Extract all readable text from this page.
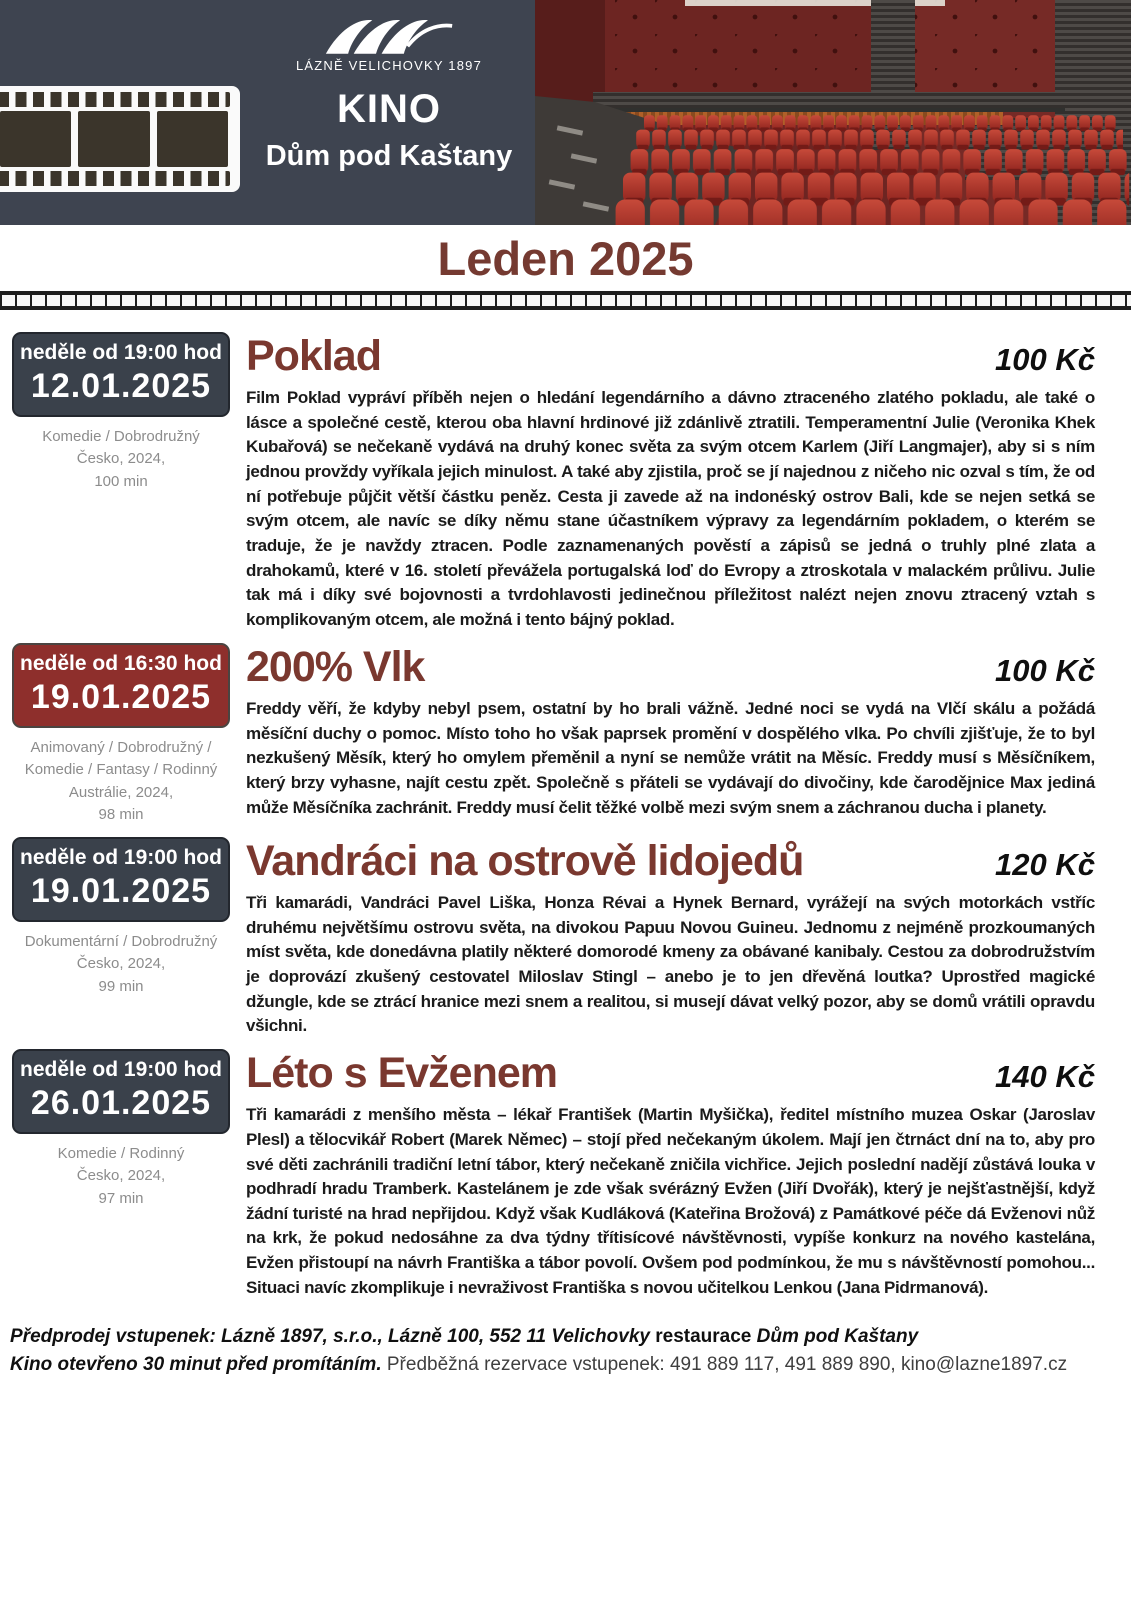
LÁZNĚ VELICHOVKY 1897
KINO
Dům pod Kaštany
Leden 2025
neděle od 19:00 hod
12.01.2025
Komedie / Dobrodružný
Česko, 2024,
100 min
Poklad	100 Kč
Film Poklad vypráví příběh nejen o hledání legendárního a dávno ztraceného zlatého pokladu, ale také o lásce a společné cestě, kterou oba hlavní hrdinové již zdánlivě ztratili. Temperamentní Julie (Veronika Khek Kubařová) se nečekaně vydává na druhý konec světa za svým otcem Karlem (Jiří Langmajer), aby si s ním jednou provždy vyříkala jejich minulost. A také aby zjistila, proč se jí najednou z ničeho nic ozval s tím, že od ní potřebuje půjčit větší částku peněz. Cesta ji zavede až na indonéský ostrov Bali, kde se nejen setká se svým otcem, ale navíc se díky němu stane účastníkem výpravy za legendárním pokladem, o kterém se traduje, že je navždy ztracen. Podle zaznamenaných pověstí a zápisů se jedná o truhly plné zlata a drahokamů, které v 16. století převážela portugalská loď do Evropy a ztroskotala v malackém průlivu. Julie tak má i díky své bojovnosti a tvrdohlavosti jedinečnou příležitost nalézt nejen znovu ztracený vztah s komplikovaným otcem, ale možná i tento bájný poklad.
neděle od 16:30 hod
19.01.2025
Animovaný / Dobrodružný / Komedie / Fantasy / Rodinný
Austrálie, 2024,
98 min
200% Vlk	100 Kč
Freddy věří, že kdyby nebyl psem, ostatní by ho brali vážně. Jedné noci se vydá na Vlčí skálu a požádá měsíční duchy o pomoc. Místo toho ho však paprsek promění v dospělého vlka. Po chvíli zjišťuje, že to byl nezkušený Měsík, který ho omylem přeměnil a nyní se nemůže vrátit na Měsíc. Freddy musí s Měsíčníkem, který brzy vyhasne, najít cestu zpět. Společně s přáteli se vydávají do divočiny, kde čarodějnice Max jediná může Měsíčníka zachránit. Freddy musí čelit těžké volbě mezi svým snem a záchranou ducha i planety.
neděle od 19:00 hod
19.01.2025
Dokumentární / Dobrodružný
Česko, 2024,
99 min
Vandráci na ostrově lidojedů	120 Kč
Tři kamarádi, Vandráci Pavel Liška, Honza Révai a Hynek Bernard, vyrážejí na svých motorkách vstříc druhému největšímu ostrovu světa, na divokou Papuu Novou Guineu. Jednomu z nejméně prozkoumaných míst světa, kde donedávna platily některé domorodé kmeny za obávané kanibaly. Cestou za dobrodružstvím je doprovází zkušený cestovatel Miloslav Stingl – anebo je to jen dřevěná loutka? Uprostřed magické džungle, kde se ztrácí hranice mezi snem a realitou, si musejí dávat velký pozor, aby se domů vrátili opravdu všichni.
neděle od 19:00 hod
26.01.2025
Komedie / Rodinný
Česko, 2024,
97 min
Léto s Evženem	140 Kč
Tři kamarádi z menšího města – lékař František (Martin Myšička), ředitel místního muzea Oskar (Jaroslav Plesl) a tělocvikář Robert (Marek Němec) – stojí před nečekaným úkolem. Mají jen čtrnáct dní na to, aby pro své děti zachránili tradiční letní tábor, který nečekaně zničila vichřice. Jejich poslední nadějí zůstává louka v podhradí hradu Tramberk. Kastelánem je zde však svérázný Evžen (Jiří Dvořák), který je nejšťastnější, když žádní turisté na hrad nepřijdou. Když však Kudláková (Kateřina Brožová) z Památkové péče dá Evženovi nůž na krk, že pokud nedosáhne za dva týdny třítisícové návštěvnosti, vypíše konkurz na nového kastelána, Evžen přistoupí na návrh Františka a tábor povolí. Ovšem pod podmínkou, že mu s návštěvností pomohou... Situaci navíc zkomplikuje i nevraživost Františka s novou učitelkou Lenkou (Jana Pidrmanová).
Předprodej vstupenek: Lázně 1897, s.r.o., Lázně 100, 552 11 Velichovky restaurace Dům pod Kaštany
Kino otevřeno 30 minut před promítáním. Předběžná rezervace vstupenek: 491 889 117, 491 889 890, kino@lazne1897.cz
